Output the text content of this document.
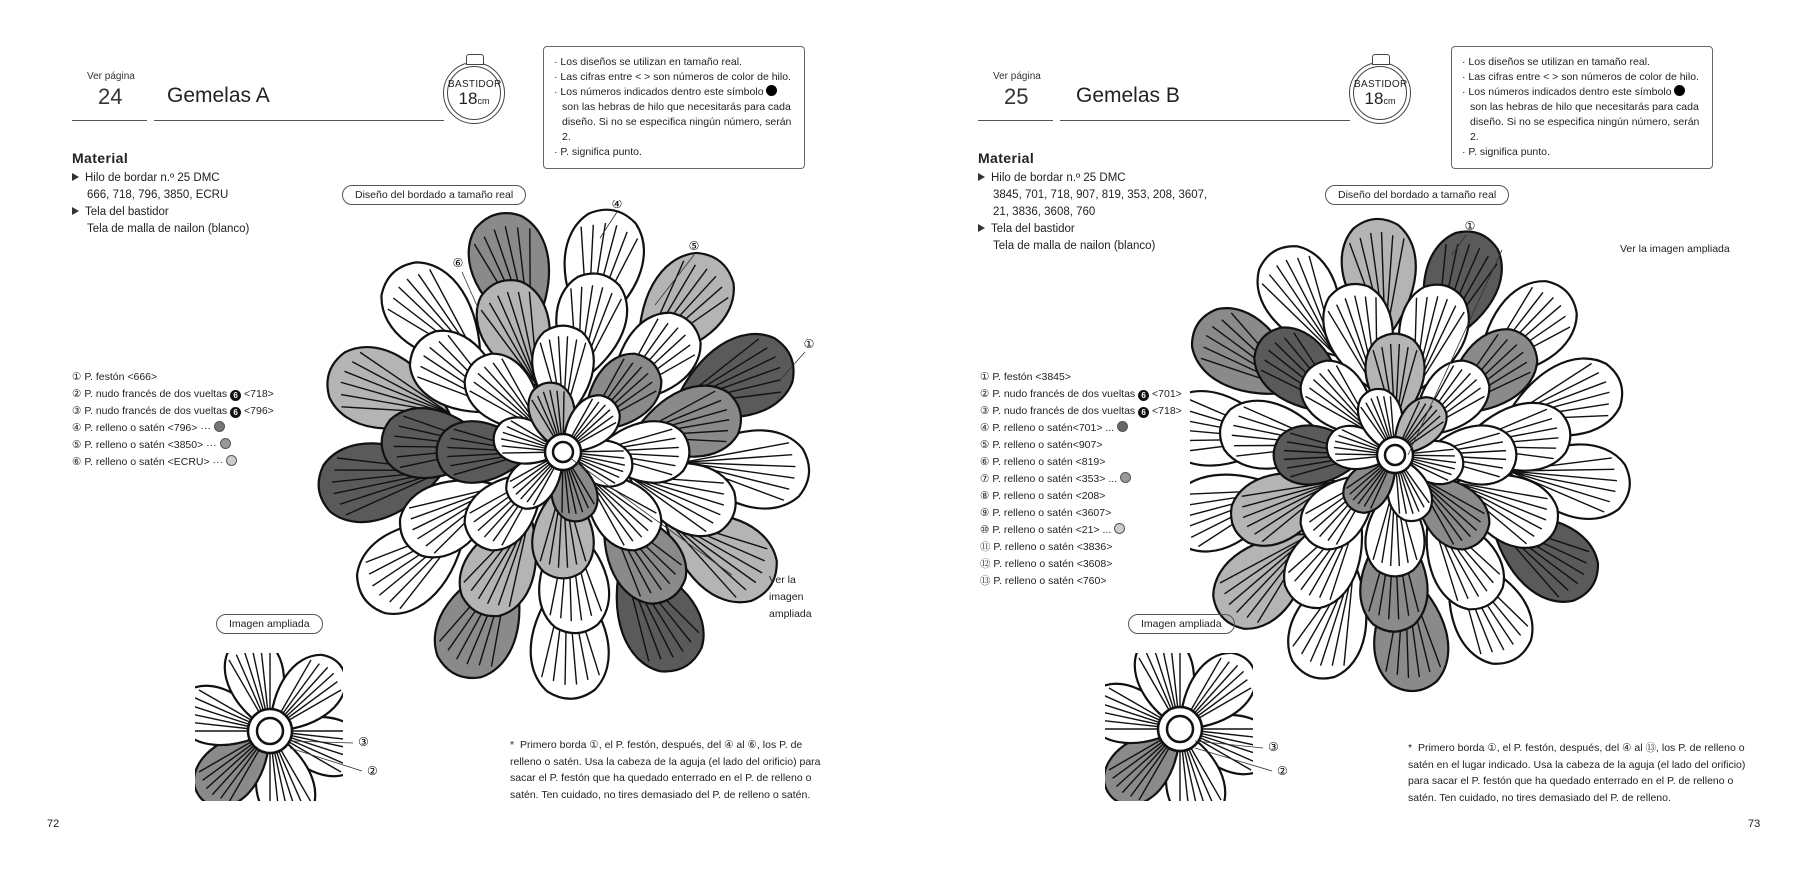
Ver página
24 Gemelas A	BASTIDOR
18cm
· Los diseños se utilizan en tamaño real.
· Las cifras entre < > son números de color de hilo.
· Los números indicados dentro este símbolo  son las hebras de hilo que necesitarás para cada diseño. Si no se especifica ningún número, serán 2.
· P. significa punto.
Material
Hilo de bordar n.º 25 DMC
666, 718, 796, 3850, ECRU
Tela del bastidor
Tela de malla de nailon (blanco)
Diseño del bordado a tamaño real
① P. festón <666>
② P. nudo francés de dos vueltas 6 <718>
③ P. nudo francés de dos vueltas 6 <796>
④ P. relleno o satén <796> ···
⑤ P. relleno o satén <3850> ···
⑥ P. relleno o satén <ECRU> ···
④
⑤
⑥
①
Ver la imagen ampliada
Imagen ampliada
③
②
* Primero borda ①, el P. festón, después, del ④ al ⑥, los P. de relleno o satén. Usa la cabeza de la aguja (el lado del orificio) para sacar el P. festón que ha quedado enterrado en el P. de relleno o satén. Ten cuidado, no tires demasiado del P. de relleno o satén.
72
Ver página
25 Gemelas B	BASTIDOR
18cm
· Los diseños se utilizan en tamaño real.
· Las cifras entre < > son números de color de hilo.
· Los números indicados dentro este símbolo  son las hebras de hilo que necesitarás para cada diseño. Si no se especifica ningún número, serán 2.
· P. significa punto.
Material
Hilo de bordar n.º 25 DMC
3845, 701, 718, 907, 819, 353, 208, 3607,
21, 3836, 3608, 760
Tela del bastidor
Tela de malla de nailon (blanco)
Diseño del bordado a tamaño real
① P. festón <3845>
② P. nudo francés de dos vueltas 6 <701>
③ P. nudo francés de dos vueltas 6 <718>
④ P. relleno o satén<701> ...
⑤ P. relleno o satén<907>
⑥ P. relleno o satén <819>
⑦ P. relleno o satén <353> ...
⑧ P. relleno o satén <208>
⑨ P. relleno o satén <3607>
⑩ P. relleno o satén <21> ...
⑪ P. relleno o satén <3836>
⑫ P. relleno o satén <3608>
⑬ P. relleno o satén <760>
①
Ver la imagen ampliada
Imagen ampliada
③
②
* Primero borda ①, el P. festón, después, del ④ al ⑬, los P. de relleno o satén en el lugar indicado. Usa la cabeza de la aguja (el lado del orificio) para sacar el P. festón que ha quedado enterrado en el P. de relleno o satén. Ten cuidado, no tires demasiado del P. de relleno.
73
